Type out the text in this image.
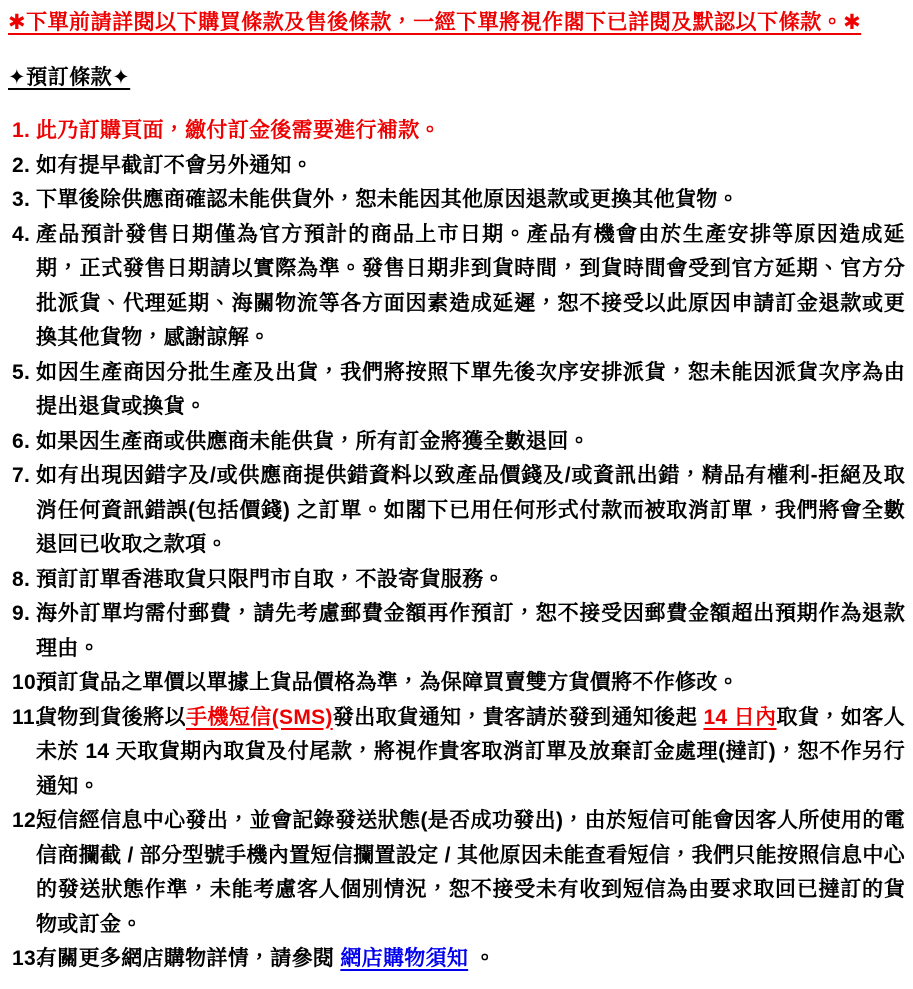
✱下單前請詳閱以下購買條款及售後條款，一經下單將視作閣下已詳閱及默認以下條款。✱
✦預訂條款✦
1. 此乃訂購頁面，繳付訂金後需要進行補款。
2. 如有提早截訂不會另外通知。
3. 下單後除供應商確認未能供貨外，恕未能因其他原因退款或更換其他貨物。
4. 產品預計發售日期僅為官方預計的商品上市日期。產品有機會由於生產安排等原因造成延期，正式發售日期請以實際為準。發售日期非到貨時間，到貨時間會受到官方延期、官方分批派貨、代理延期、海關物流等各方面因素造成延遲，恕不接受以此原因申請訂金退款或更換其他貨物，感謝諒解。
5. 如因生產商因分批生產及出貨，我們將按照下單先後次序安排派貨，恕未能因派貨次序為由提出退貨或換貨。
6. 如果因生產商或供應商未能供貨，所有訂金將獲全數退回。
7. 如有出現因錯字及/或供應商提供錯資料以致產品價錢及/或資訊出錯，精品有權利-拒絕及取消任何資訊錯誤(包括價錢) 之訂單。如閣下已用任何形式付款而被取消訂單，我們將會全數退回已收取之款項。
8. 預訂訂單香港取貨只限門市自取，不設寄貨服務。
9. 海外訂單均需付郵費，請先考慮郵費金額再作預訂，恕不接受因郵費金額超出預期作為退款理由。
10.
預訂貨品之單價以單據上貨品價格為準，為保障買賣雙方貨價將不作修改。
11.
貨物到貨後將以手機短信(SMS)發出取貨通知，貴客請於發到通知後起 14 日內取貨，如客人未於 14 天取貨期內取貨及付尾款，將視作貴客取消訂單及放棄訂金處理(撻訂)，恕不作另行通知。
12.
短信經信息中心發出，並會記錄發送狀態(是否成功發出)，由於短信可能會因客人所使用的電信商攔截 / 部分型號手機內置短信攔置設定 / 其他原因未能查看短信，我們只能按照信息中心的發送狀態作準，未能考慮客人個別情況，恕不接受未有收到短信為由要求取回已撻訂的貨物或訂金。
13.
有關更多網店購物詳情，請參閱 網店購物須知 。
